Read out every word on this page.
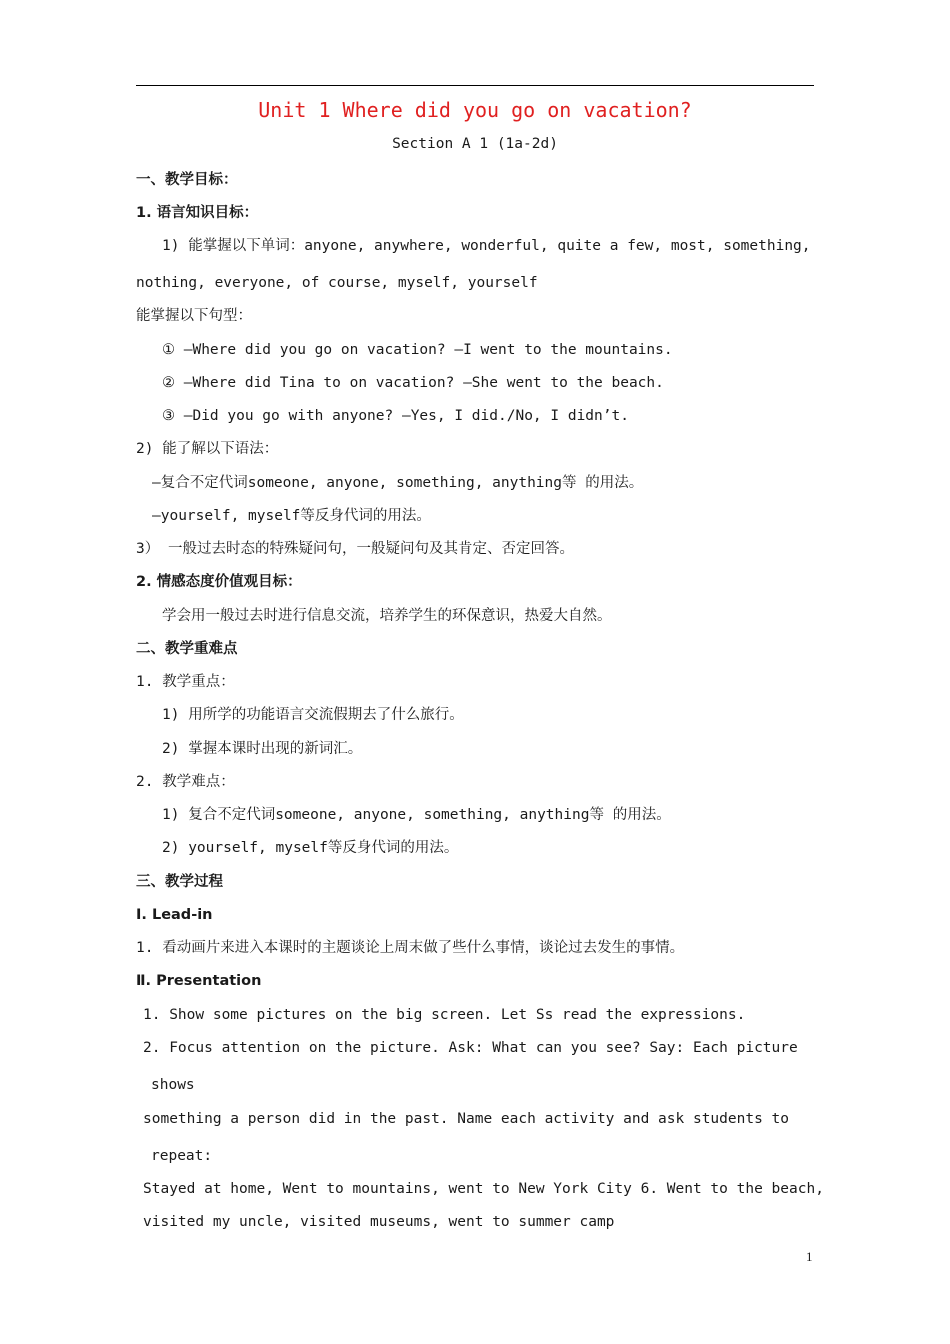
Unit 1 Where did you go on vacation?
Section A 1 (1a-2d)
一、教学目标：
1. 语言知识目标：
1) 能掌握以下单词：anyone, anywhere, wonderful, quite a few, most, something,
nothing, everyone, of course, myself, yourself
能掌握以下句型：
① —Where did you go on vacation? —I went to the mountains.
② —Where did Tina to on vacation? —She went to the beach.
③ —Did you go with anyone? —Yes, I did./No, I didn’t.
2) 能了解以下语法：
—复合不定代词someone, anyone, something, anything等 的用法。
—yourself, myself等反身代词的用法。
3） 一般过去时态的特殊疑问句，一般疑问句及其肯定、否定回答。
2. 情感态度价值观目标：
学会用一般过去时进行信息交流，培养学生的环保意识，热爱大自然。
二、教学重难点
1. 教学重点：
1) 用所学的功能语言交流假期去了什么旅行。
2) 掌握本课时出现的新词汇。
2. 教学难点：
1) 复合不定代词someone, anyone, something, anything等 的用法。
2) yourself, myself等反身代词的用法。
三、教学过程
Ⅰ. Lead-in
1. 看动画片来进入本课时的主题谈论上周末做了些什么事情，谈论过去发生的事情。
Ⅱ. Presentation
1. Show some pictures on the big screen. Let Ss read the expressions.
2. Focus attention on the picture. Ask: What can you see? Say: Each picture
shows
something a person did in the past. Name each activity and ask students to
repeat:
Stayed at home, Went to mountains, went to New York City 6. Went to the beach,
visited my uncle, visited museums, went to summer camp
1
